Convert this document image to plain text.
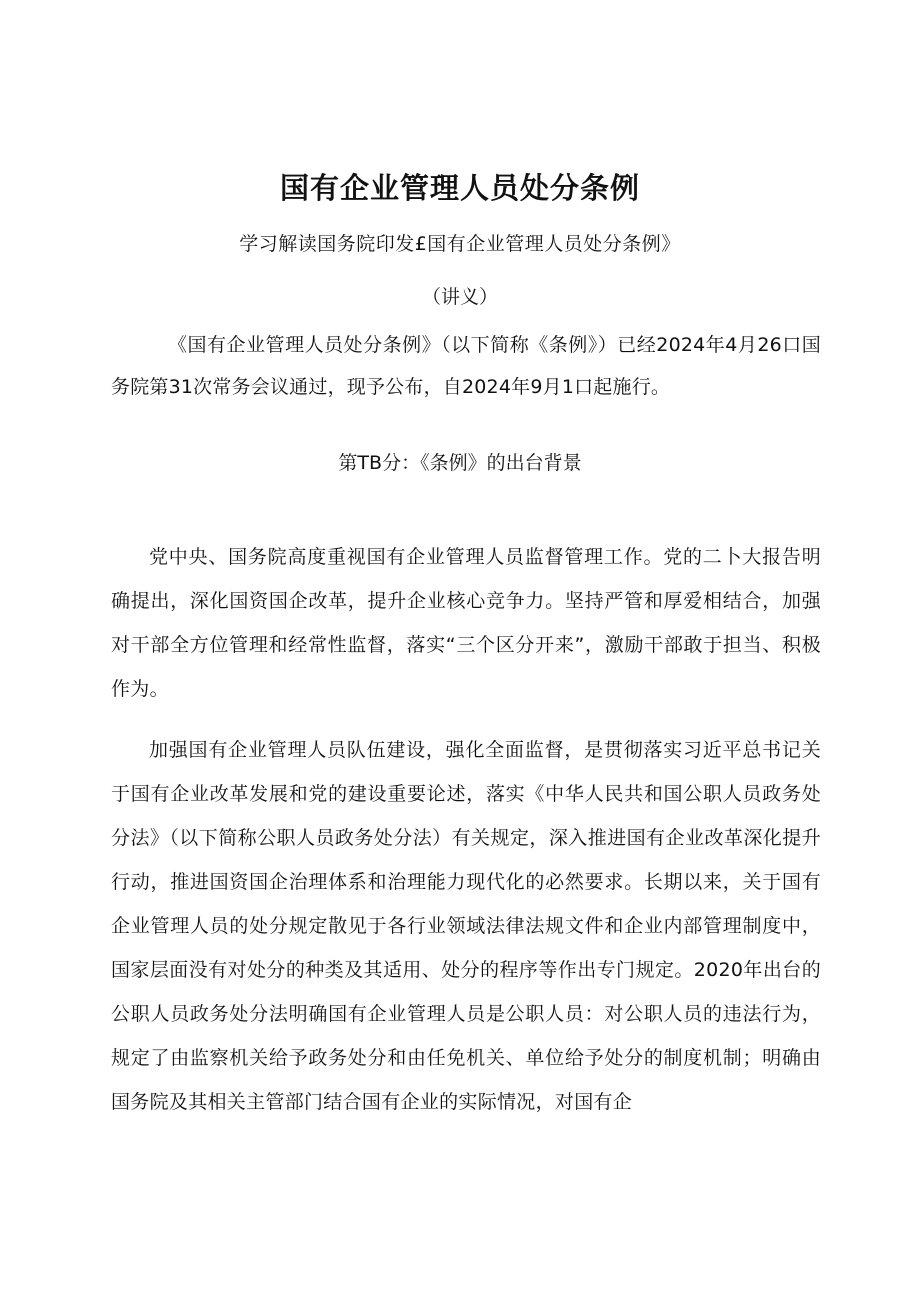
国有企业管理人员处分条例
学习解读国务院印发£国有企业管理人员处分条例》
（讲义）
《国有企业管理人员处分条例》（以下简称《条例》）已经2024年4月26口国务院第31次常务会议通过，现予公布，自2024年9月1口起施行。
第TB分：《条例》的出台背景
党中央、国务院高度重视国有企业管理人员监督管理工作。党的二卜大报告明确提出，深化国资国企改革，提升企业核心竞争力。坚持严管和厚爱相结合，加强对干部全方位管理和经常性监督，落实“三个区分开来”，激励干部敢于担当、积极作为。
加强国有企业管理人员队伍建设，强化全面监督，是贯彻落实习近平总书记关于国有企业改革发展和党的建设重要论述，落实《中华人民共和国公职人员政务处分法》（以下简称公职人员政务处分法）有关规定，深入推进国有企业改革深化提升行动，推进国资国企治理体系和治理能力现代化的必然要求。长期以来，关于国有企业管理人员的处分规定散见于各行业领域法律法规文件和企业内部管理制度中，国家层面没有对处分的种类及其适用、处分的程序等作出专门规定。2020年出台的公职人员政务处分法明确国有企业管理人员是公职人员：对公职人员的违法行为，规定了由监察机关给予政务处分和由任免机关、单位给予处分的制度机制；明确由国务院及其相关主管部门结合国有企业的实际情况，对国有企
